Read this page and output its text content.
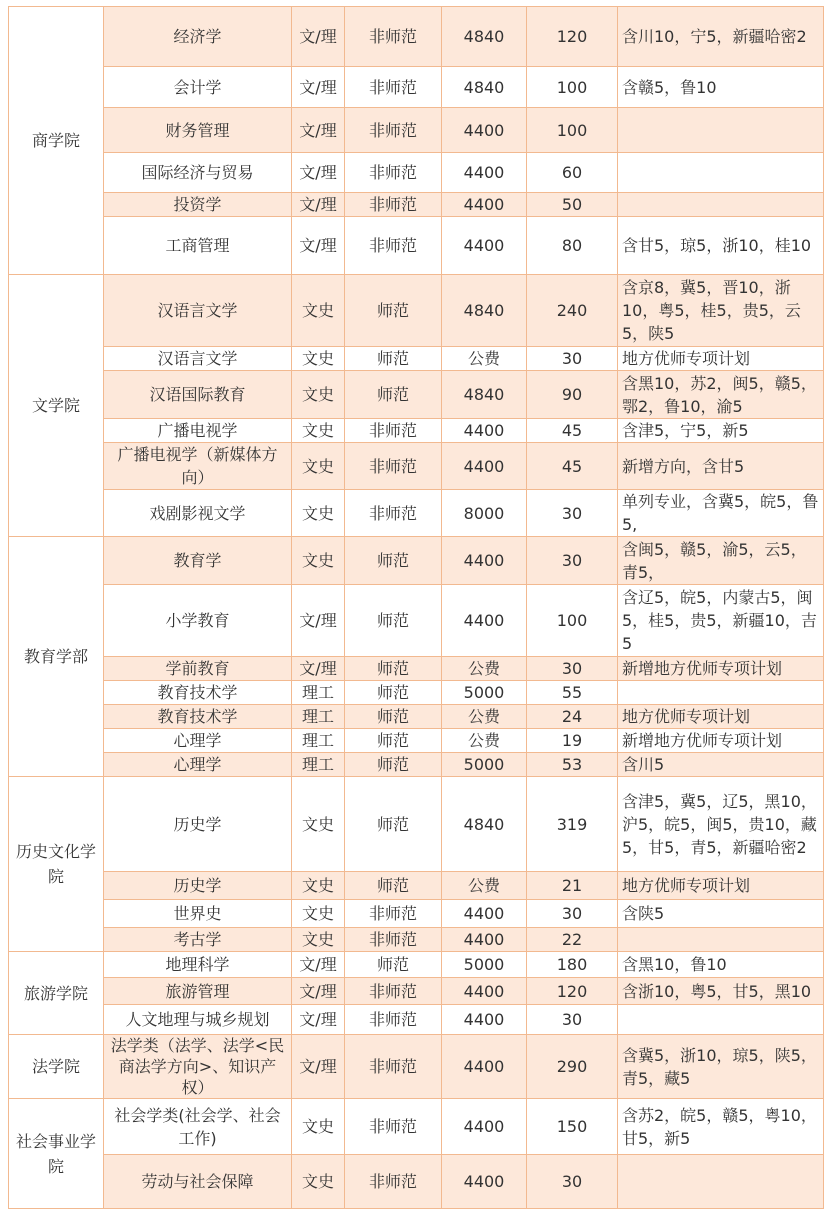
商学院	经济学	文/理	非师范	4840	120	含川10，宁5，新疆哈密2
	会计学	文/理	非师范	4840	100	含赣5，鲁10
	财务管理	文/理	非师范	4400	100	
	国际经济与贸易	文/理	非师范	4400	60	
	投资学	文/理	非师范	4400	50	
	工商管理	文/理	非师范	4400	80	含甘5，琼5，浙10，桂10
文学院	汉语言文学	文史	师范	4840	240	含京8，冀5，晋10，浙10，粤5，桂5，贵5，云5，陕5
	汉语言文学	文史	师范	公费	30	地方优师专项计划
	汉语国际教育	文史	师范	4840	90	含黑10，苏2，闽5，赣5，鄂2，鲁10，渝5
	广播电视学	文史	非师范	4400	45	含津5，宁5，新5
	广播电视学（新媒体方向）	文史	非师范	4400	45	新增方向，含甘5
	戏剧影视文学	文史	非师范	8000	30	单列专业，含冀5，皖5，鲁5,
教育学部	教育学	文史	师范	4400	30	含闽5，赣5，渝5，云5，青5，
	小学教育	文/理	师范	4400	100	含辽5，皖5，内蒙古5，闽5，桂5，贵5，新疆10，吉5
	学前教育	文/理	师范	公费	30	新增地方优师专项计划
	教育技术学	理工	师范	5000	55	
	教育技术学	理工	师范	公费	24	地方优师专项计划
	心理学	理工	师范	公费	19	新增地方优师专项计划
	心理学	理工	师范	5000	53	含川5
历史文化学院	历史学	文史	师范	4840	319	含津5，冀5，辽5，黑10，沪5，皖5，闽5，贵10，藏5，甘5，青5，新疆哈密2
	历史学	文史	师范	公费	21	地方优师专项计划
	世界史	文史	非师范	4400	30	含陕5
	考古学	文史	非师范	4400	22	
旅游学院	地理科学	文/理	师范	5000	180	含黑10，鲁10
	旅游管理	文/理	非师范	4400	120	含浙10，粤5，甘5，黑10
	人文地理与城乡规划	文/理	非师范	4400	30	
法学院	法学类（法学、法学<民商法学方向>、知识产权）	文/理	非师范	4400	290	含冀5，浙10，琼5，陕5，青5，藏5
社会事业学院	社会学类(社会学、社会工作)	文史	非师范	4400	150	含苏2，皖5，赣5，粤10，甘5，新5
	劳动与社会保障	文史	非师范	4400	30	
